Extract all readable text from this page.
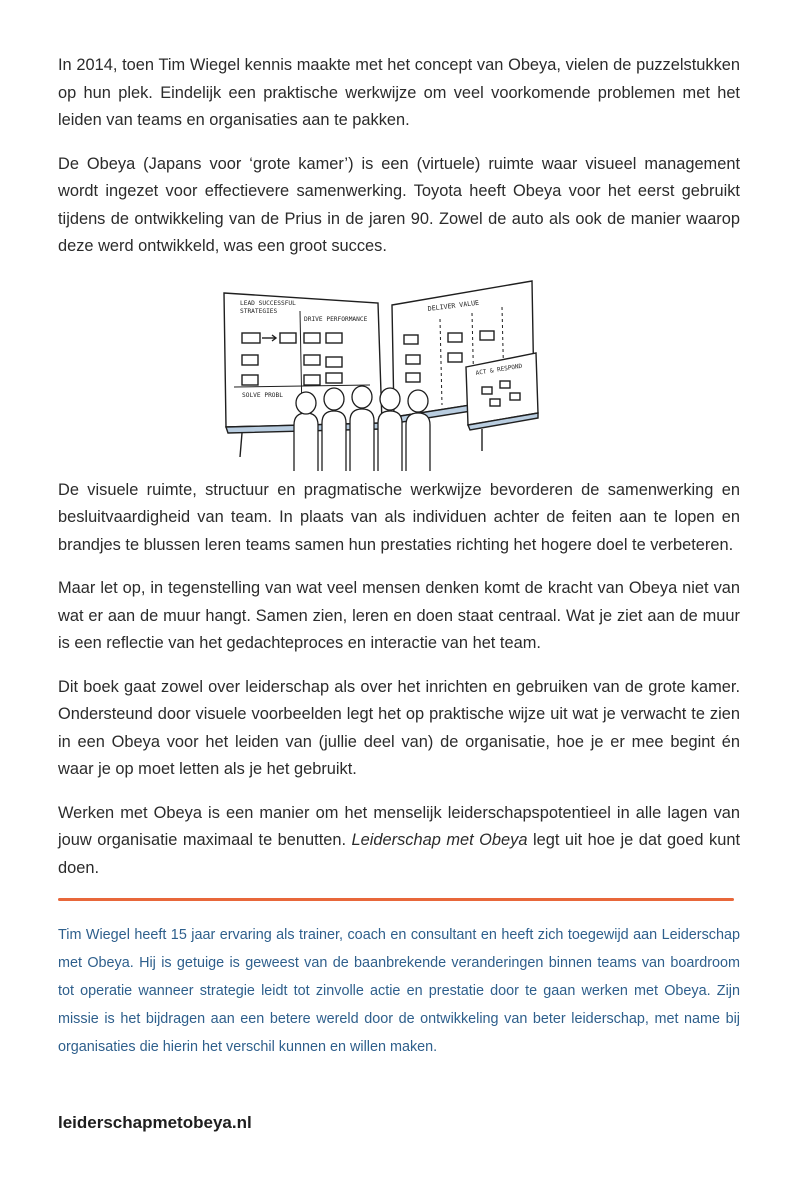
In 2014, toen Tim Wiegel kennis maakte met het concept van Obeya, vielen de puzzelstukken op hun plek. Eindelijk een praktische werkwijze om veel voorkomende problemen met het leiden van teams en organisaties aan te pakken.

De Obeya (Japans voor ‘grote kamer’) is een (virtuele) ruimte waar visueel management wordt ingezet voor effectievere samenwerking. Toyota heeft Obeya voor het eerst gebruikt tijdens de ontwikkeling van de Prius in de jaren 90. Zowel de auto als ook de manier waarop deze werd ontwikkeld, was een groot succes.

LEAD SUCCESSFUL
STRATEGIES
DRIVE PERFORMANCE
SOLVE PROBL
DELIVER VALUE
ACT & RESPOND

De visuele ruimte, structuur en pragmatische werkwijze bevorderen de samenwerking en besluitvaardigheid van team. In plaats van als individuen achter de feiten aan te lopen en brandjes te blussen leren teams samen hun prestaties richting het hogere doel te verbeteren.

Maar let op, in tegenstelling van wat veel mensen denken komt de kracht van Obeya niet van wat er aan de muur hangt. Samen zien, leren en doen staat centraal. Wat je ziet aan de muur is een reflectie van het gedachteproces en interactie van het team.

Dit boek gaat zowel over leiderschap als over het inrichten en gebruiken van de grote kamer. Ondersteund door visuele voorbeelden legt het op praktische wijze uit wat je verwacht te zien in een Obeya voor het leiden van (jullie deel van) de organisatie, hoe je er mee begint én waar je op moet letten als je het gebruikt.

Werken met Obeya is een manier om het menselijk leiderschapspotentieel in alle lagen van jouw organisatie maximaal te benutten. Leiderschap met Obeya legt uit hoe je dat goed kunt doen.

Tim Wiegel heeft 15 jaar ervaring als trainer, coach en consultant en heeft zich toegewijd aan Leiderschap met Obeya. Hij is getuige is geweest van de baanbrekende veranderingen binnen teams van boardroom tot operatie wanneer strategie leidt tot zinvolle actie en prestatie door te gaan werken met Obeya. Zijn missie is het bijdragen aan een betere wereld door de ontwikkeling van beter leiderschap, met name bij organisaties die hierin het verschil kunnen en willen maken.

leiderschapmetobeya.nl
